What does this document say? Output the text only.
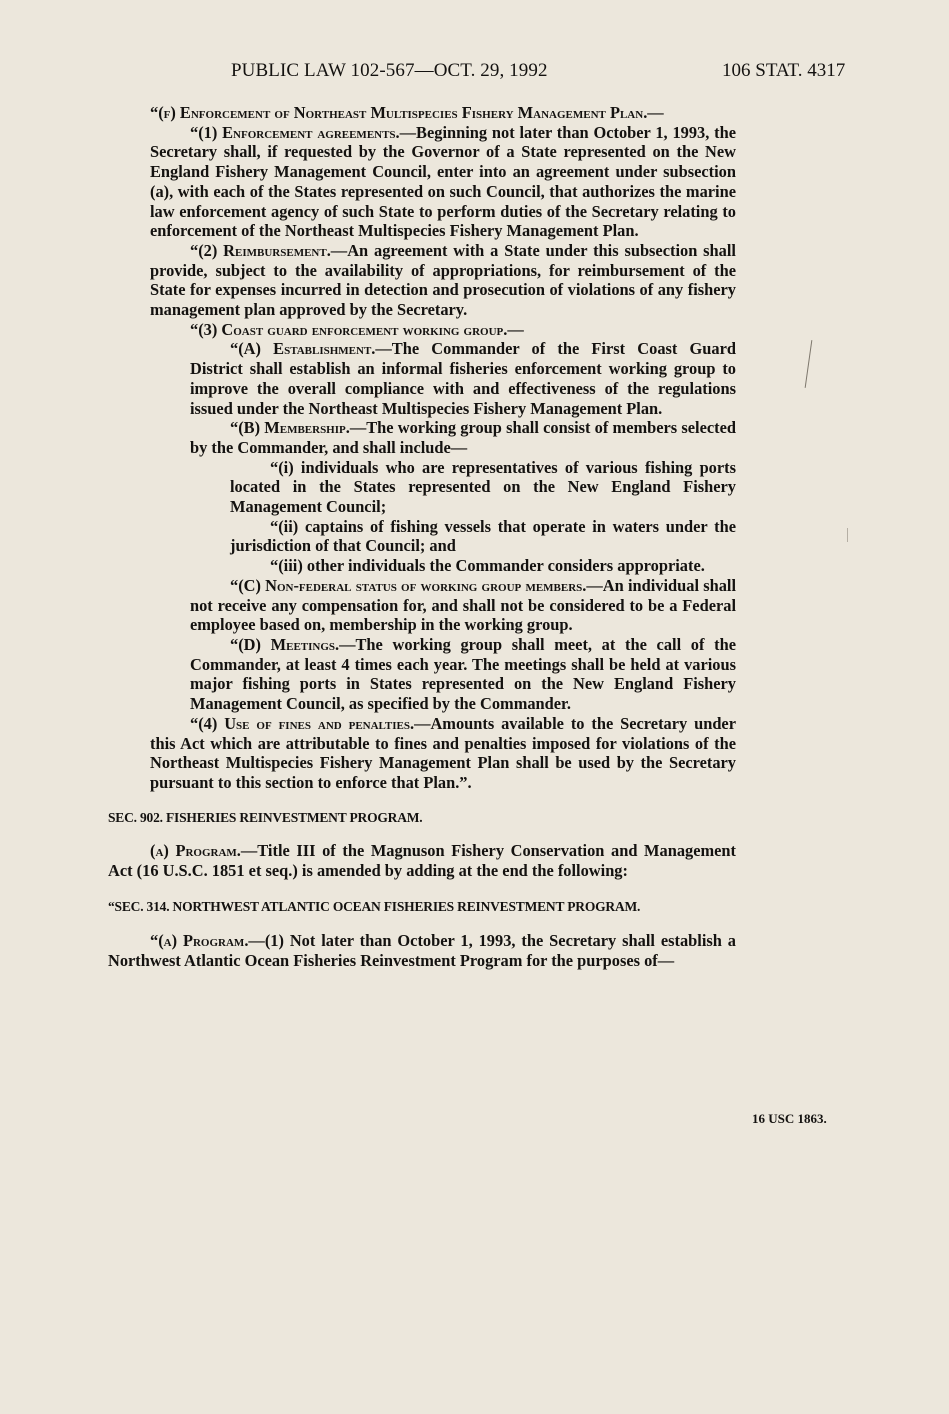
PUBLIC LAW 102-567—OCT. 29, 1992	106 STAT. 4317

“(f) Enforcement of Northeast Multispecies Fishery Management Plan.—

“(1) Enforcement agreements.—Beginning not later than October 1, 1993, the Secretary shall, if requested by the Governor of a State represented on the New England Fishery Management Council, enter into an agreement under subsection (a), with each of the States represented on such Council, that authorizes the marine law enforcement agency of such State to perform duties of the Secretary relating to enforcement of the Northeast Multispecies Fishery Management Plan.

“(2) Reimbursement.—An agreement with a State under this subsection shall provide, subject to the availability of appropriations, for reimbursement of the State for expenses incurred in detection and prosecution of violations of any fishery management plan approved by the Secretary.

“(3) Coast guard enforcement working group.—

“(A) Establishment.—The Commander of the First Coast Guard District shall establish an informal fisheries enforcement working group to improve the overall compliance with and effectiveness of the regulations issued under the Northeast Multispecies Fishery Management Plan.

“(B) Membership.—The working group shall consist of members selected by the Commander, and shall include—

“(i) individuals who are representatives of various fishing ports located in the States represented on the New England Fishery Management Council;

“(ii) captains of fishing vessels that operate in waters under the jurisdiction of that Council; and

“(iii) other individuals the Commander considers appropriate.

“(C) Non-federal status of working group members.—An individual shall not receive any compensation for, and shall not be considered to be a Federal employee based on, membership in the working group.

“(D) Meetings.—The working group shall meet, at the call of the Commander, at least 4 times each year. The meetings shall be held at various major fishing ports in States represented on the New England Fishery Management Council, as specified by the Commander.

“(4) Use of fines and penalties.—Amounts available to the Secretary under this Act which are attributable to fines and penalties imposed for violations of the Northeast Multispecies Fishery Management Plan shall be used by the Secretary pursuant to this section to enforce that Plan.”.

SEC. 902. FISHERIES REINVESTMENT PROGRAM.

(a) Program.—Title III of the Magnuson Fishery Conservation and Management Act (16 U.S.C. 1851 et seq.) is amended by adding at the end the following:

“SEC. 314. NORTHWEST ATLANTIC OCEAN FISHERIES REINVESTMENT PROGRAM.

“(a) Program.—(1) Not later than October 1, 1993, the Secretary shall establish a Northwest Atlantic Ocean Fisheries Reinvestment Program for the purposes of—

16 USC 1863.
